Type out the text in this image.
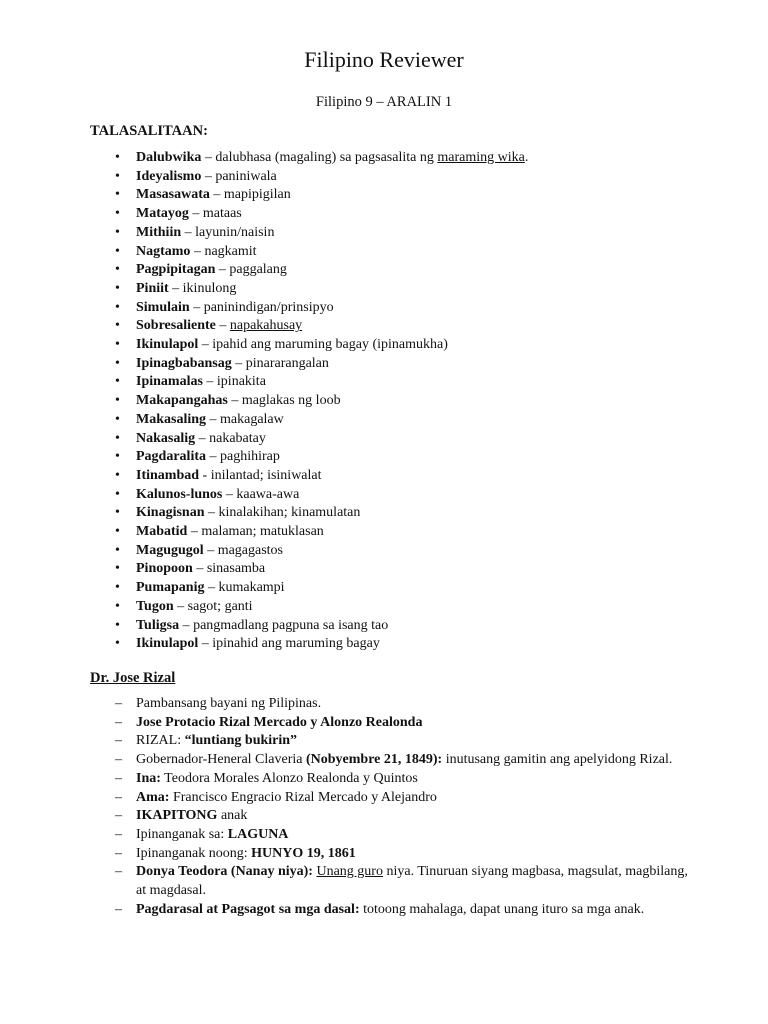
Filipino Reviewer
Filipino 9 – ARALIN 1
TALASALITAAN:
• Dalubwika – dalubhasa (magaling) sa pagsasalita ng maraming wika.
• Ideyalismo – paniniwala
• Masasawata – mapipigilan
• Matayog – mataas
• Mithiin – layunin/naisin
• Nagtamo – nagkamit
• Pagpipitagan – paggalang
• Piniit – ikinulong
• Simulain – paninindigan/prinsipyo
• Sobresaliente – napakahusay
• Ikinulapol – ipahid ang maruming bagay (ipinamukha)
• Ipinagbabansag – pinararangalan
• Ipinamalas – ipinakita
• Makapangahas – maglakas ng loob
• Makasaling – makagalaw
• Nakasalig – nakabatay
• Pagdaralita – paghihirap
• Itinambad - inilantad; isiniwalat
• Kalunos-lunos – kaawa-awa
• Kinagisnan – kinalakihan; kinamulatan
• Mabatid – malaman; matuklasan
• Magugugol – magagastos
• Pinopoon – sinasamba
• Pumapanig – kumakampi
• Tugon – sagot; ganti
• Tuligsa – pangmadlang pagpuna sa isang tao
• Ikinulapol – ipinahid ang maruming bagay
Dr. Jose Rizal
– Pambansang bayani ng Pilipinas.
– Jose Protacio Rizal Mercado y Alonzo Realonda
– RIZAL: “luntiang bukirin”
– Gobernador-Heneral Claveria (Nobyembre 21, 1849): inutusang gamitin ang apelyidong Rizal.
– Ina: Teodora Morales Alonzo Realonda y Quintos
– Ama: Francisco Engracio Rizal Mercado y Alejandro
– IKAPITONG anak
– Ipinanganak sa: LAGUNA
– Ipinanganak noong: HUNYO 19, 1861
– Donya Teodora (Nanay niya): Unang guro niya. Tinuruan siyang magbasa, magsulat, magbilang, at magdasal.
– Pagdarasal at Pagsagot sa mga dasal: totoong mahalaga, dapat unang ituro sa mga anak.
